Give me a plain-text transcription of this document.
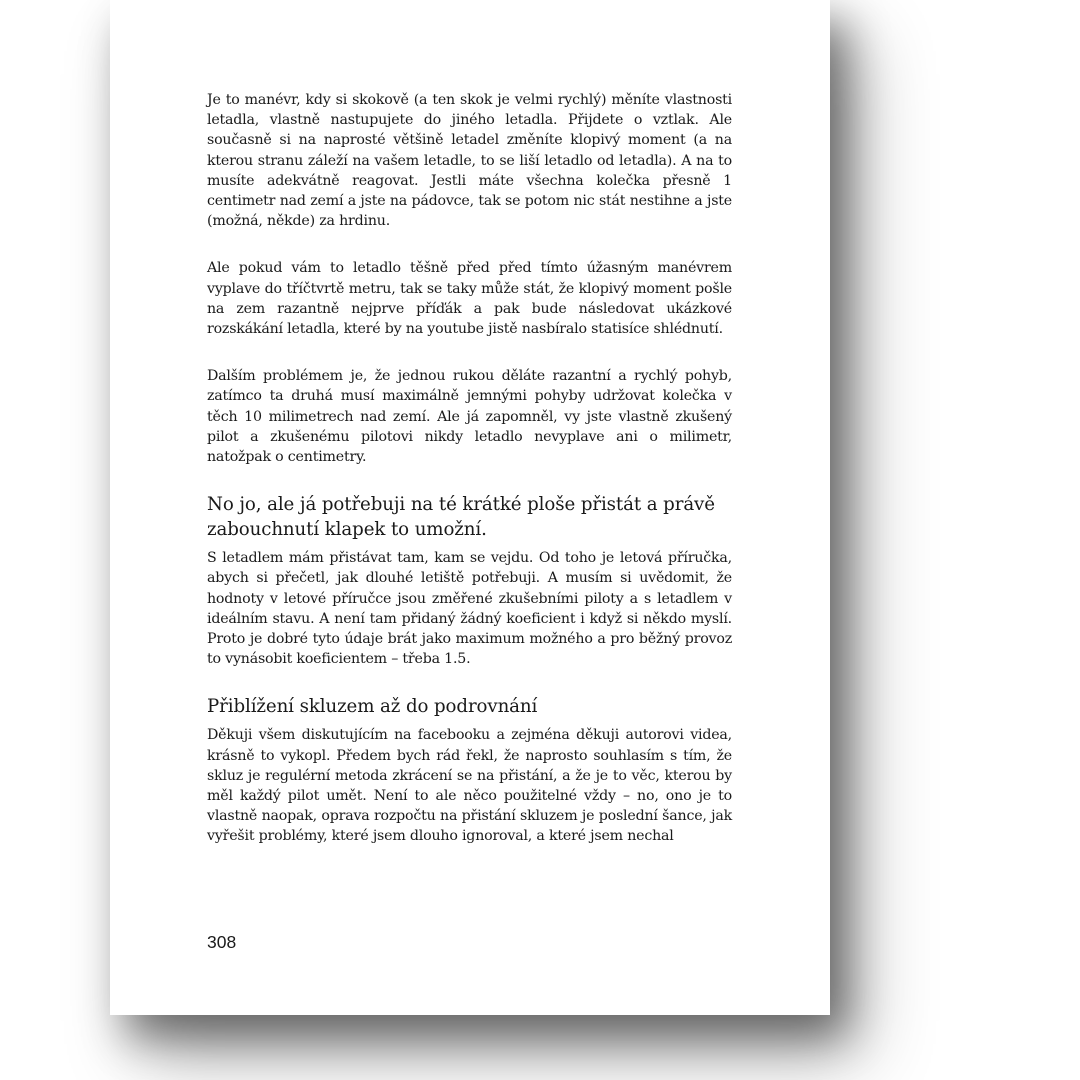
Je to manévr, kdy si skokově (a ten skok je velmi rychlý) měníte vlastnosti letadla, vlastně nastupujete do jiného letadla. Přijdete o vztlak. Ale současně si na naprosté většině letadel změníte klopivý moment (a na kterou stranu záleží na vašem letadle, to se liší letadlo od letadla). A na to musíte adekvátně reagovat. Jestli máte všechna kolečka přesně 1 centimetr nad zemí a jste na pádovce, tak se potom nic stát nestihne a jste (možná, někde) za hrdinu.

Ale pokud vám to letadlo těšně před před tímto úžasným manévrem vyplave do tříčtvrtě metru, tak se taky může stát, že klopivý moment pošle na zem razantně nejprve příďák a pak bude následovat ukázkové rozskákání letadla, které by na youtube jistě nasbíralo statisíce shlédnutí.

Dalším problémem je, že jednou rukou děláte razantní a rychlý pohyb, zatímco ta druhá musí maximálně jemnými pohyby udržovat kolečka v těch 10 milimetrech nad zemí. Ale já zapomněl, vy jste vlastně zkušený pilot a zkušenému pilotovi nikdy letadlo nevyplave ani o milimetr, natožpak o centimetry.

No jo, ale já potřebuji na té krátké ploše přistát a právě zabouchnutí klapek to umožní.

S letadlem mám přistávat tam, kam se vejdu. Od toho je letová příručka, abych si přečetl, jak dlouhé letiště potřebuji. A musím si uvědomit, že hodnoty v letové příručce jsou změřené zkušebními piloty a s letadlem v ideálním stavu. A není tam přidaný žádný koeficient i když si někdo myslí. Proto je dobré tyto údaje brát jako maximum možného a pro běžný provoz to vynásobit koeficientem – třeba 1.5.

Přiblížení skluzem až do podrovnání

Děkuji všem diskutujícím na facebooku a zejména děkuji autorovi videa, krásně to vykopl. Předem bych rád řekl, že naprosto souhlasím s tím, že skluz je regulérní metoda zkrácení se na přistání, a že je to věc, kterou by měl každý pilot umět. Není to ale něco použitelné vždy – no, ono je to vlastně naopak, oprava rozpočtu na přistání skluzem je poslední šance, jak vyřešit problémy, které jsem dlouho ignoroval, a které jsem nechal

308
